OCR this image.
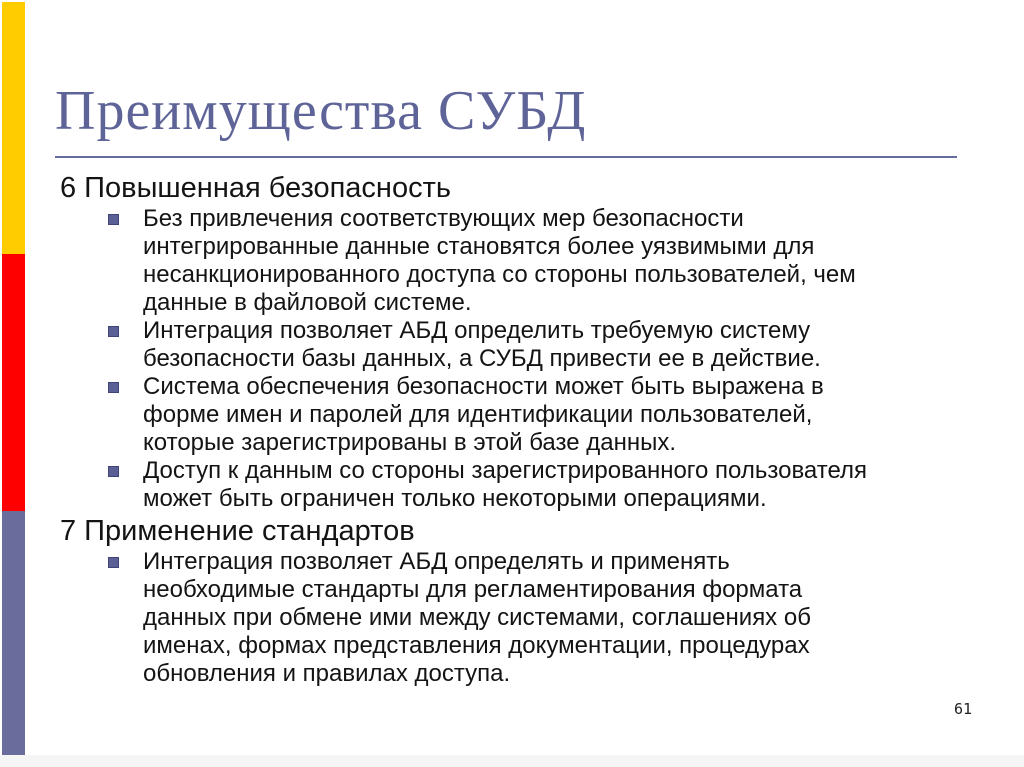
Преимущества СУБД
6 Повышенная безопасность

Без привлечения соответствующих мер безопасности интегрированные данные становятся более уязвимыми для несанкционированного доступа со стороны пользователей, чем данные в файловой системе.

Интеграция позволяет АБД определить требуемую систему безопасности базы данных, а СУБД привести ее в действие.

Система обеспечения безопасности может быть выражена в форме имен и паролей для идентификации пользователей, которые зарегистрированы в этой базе данных.

Доступ к данным со стороны зарегистрированного пользователя может быть ограничен только некоторыми операциями.

7 Применение стандартов

Интеграция позволяет АБД определять и применять необходимые стандарты для регламентирования формата данных при обмене ими между системами, соглашениях об именах, формах представления документации, процедурах обновления и правилах доступа.

61
